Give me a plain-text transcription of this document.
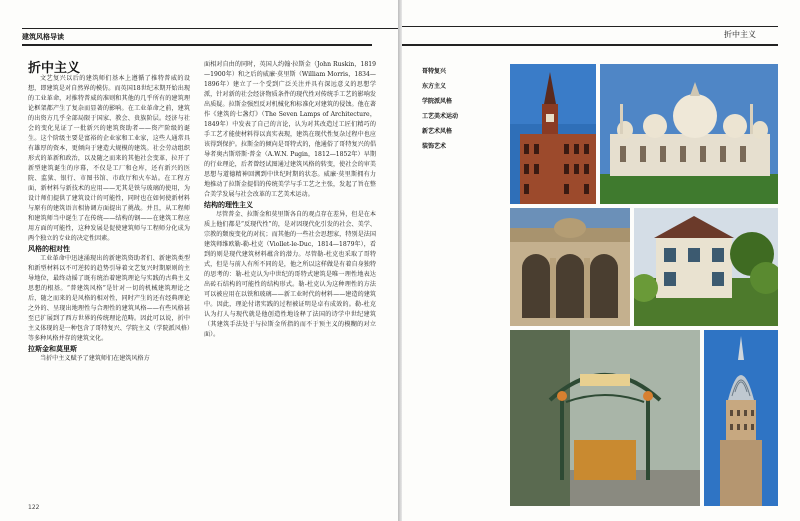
建筑风格导读

折中主义

文艺复兴以后的建筑师们基本上遵循了推特普威的设想，即建筑是对自然界的模仿。而英国18世纪末期开始出现的工业革命，对推特普威的准则和其他的几乎所有的建筑理论框架都产生了复杂而显著的影响。在工业革命之前，建筑的出资方几乎全部局限于国家、教会、贵族阶层。经济与社会的变化见证了一批新兴的建筑资助者——资产阶级的诞生。这个阶级主要是富裕的企业家和工业家，这些人通常具有雄厚的资本，更倾向于建造大规模的建筑。社会劳动组织形式的革新和政治，以及随之而来的其他社会变革，拉开了新型建筑诞生的序幕，不仅是工厂和仓库，还有新兴的医院、监狱、银行、市图书馆、市政厅和火车站。在工程方面，新材料与新技术的应用——无其是铁与玻璃的使用，为设计师们提供了建筑设计的可能性，同时也在如何使新材料与原有的建筑语言相协调方面提出了挑战。并且，从工程师和建筑师当中诞生了在传统——结构的钢——在建筑工程应用方面的可能性，这种发展是促使建筑师与工程师分化成为两个独立的专业的决定性因素。

风格的相对性

工业革命中迅速涌现出的新建筑资助者们、新建筑类型和新型材料以不可逆转的趋势引导着文艺复兴时期原则的主导地位，最终动摇了既有统治着建筑理论与实践的古典主义思想的根基。“普建筑风格”是针对一切的机械建筑理论之后，随之而来的是风格的相对性，同时产生的还有经典理论之外的、呈现出地理性与合理性的建筑风格——有些风格甚至已扩展到了西方世界的传统理论范畴。因此可以说，折中主义体现的是一种包含了哥特复兴、学院主义（学院派风格）等多种风格并存的建筑文化。

拉斯金和莫里斯

当折中主义赋予了建筑师们在建筑风格方

面相对自由的同时，英国人约翰·拉斯金（John Ruskin，1819—1900年）和之后的威廉·莫里斯（William Morris，1834—1896年）建立了一个受到广泛关注并具有深远意义的思想学派，针对新的社会经济物质条件的现代性对传统手工艺的影响发出质疑。拉斯金强烈反对机械化和标准化对建筑的侵蚀。他在著作《建筑的七盏灯》（The Seven Lamps of Architecture，1849年）中发表了自己的言论，认为对其改造过工匠们精巧的手工艺才能使材料得以真实表现，建筑在现代性复杂过程中也应该得到保护。拉斯金的倾向是哥特式的，他通俗了哥特复兴的倡导者奥古斯塔斯·普金（A.W.N. Pugin，1812—1852年）早期的行业理论，后者曾经试图通过建筑风格的转变，使社会的审美思想与道德精神回溯到中世纪时期的状态。威廉·莫里斯拥有力地推动了拉斯金提倡的传统美学与手工艺之主张，发起了旨在整合美学发展与社会改革的工艺美术运动。

结构的理性主义

尽管普金、拉斯金和莫里斯各自的观点存在差异，但是在本质上他们都是“反现代性”的，是对因现代化引发的社会、美学、宗教的颓废变化的对抗；而其他的一些社会思想家，特别是法国建筑师维欧勒-勒-杜克（Viollet-le-Duc，1814—1879年），看到的则是现代建筑材料蕴含的潜力。尽管勒-杜克也采取了哥特式，但是与前人有所不同的是，他之所以这样做是有着自身独特的思考的：勒-杜克认为中世纪的哥特式建筑是唯一理性地表达出砖石结构的可能性的结构形式。勒-杜克认为这种理性的方法可以被应用在以铁和玻璃——新工业时代的材料——建造的建筑中。因此，理论付诸实践的过程被证明是卓有成效的。勒-杜克认为打人与现代就是他创造性地诠释了法国的诗学中世纪建筑（其建筑手法处于与拉斯金所指的而不于预主义的模糊的对立面）。

122
折中主义
哥特复兴
东方主义
学院派风格
工艺美术运动
新艺术风格
装饰艺术
